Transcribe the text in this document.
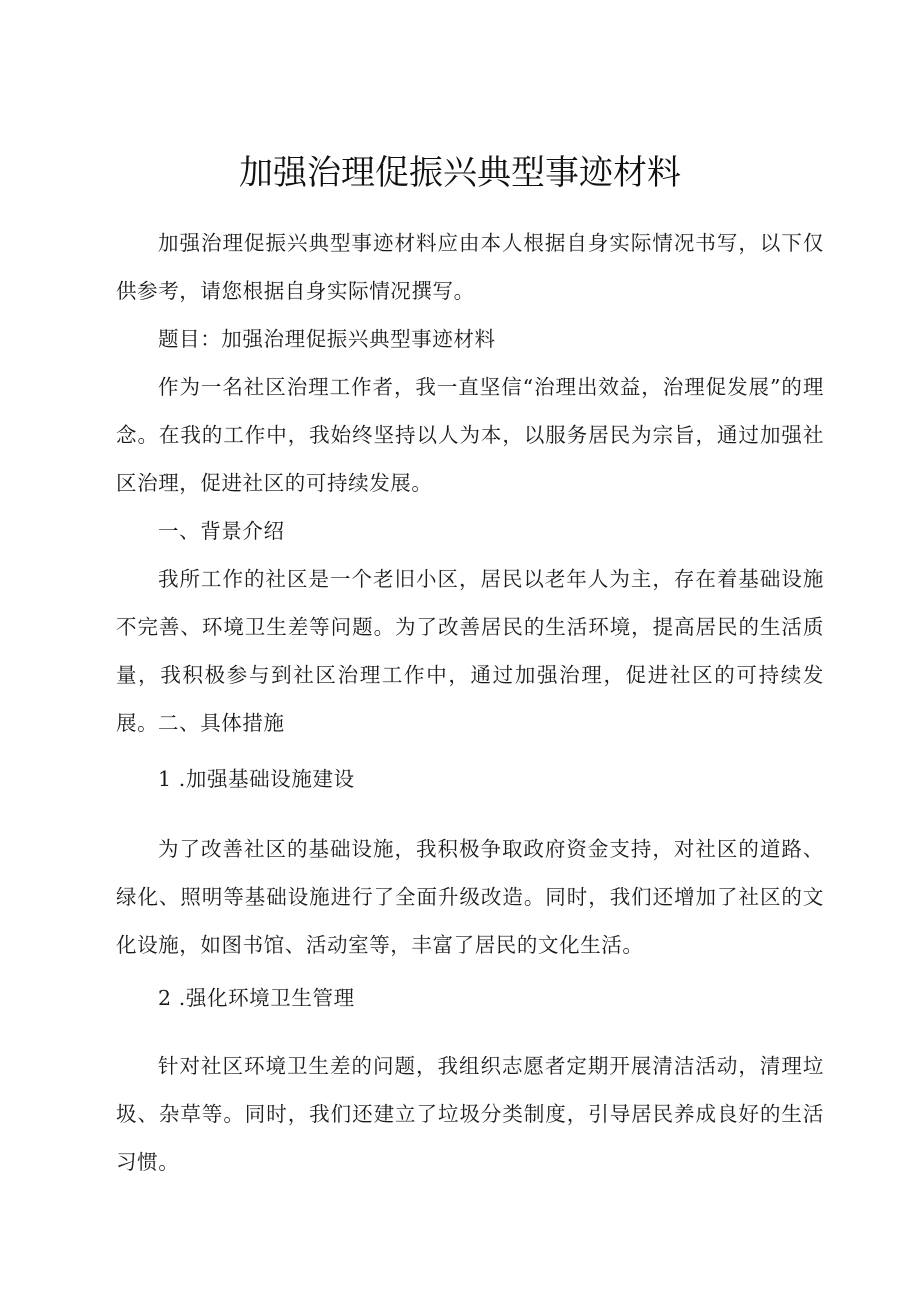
加强治理促振兴典型事迹材料

加强治理促振兴典型事迹材料应由本人根据自身实际情况书写，以下仅供参考，请您根据自身实际情况撰写。

题目：加强治理促振兴典型事迹材料

作为一名社区治理工作者，我一直坚信“治理出效益，治理促发展”的理念。在我的工作中，我始终坚持以人为本，以服务居民为宗旨，通过加强社区治理，促进社区的可持续发展。

一、背景介绍

我所工作的社区是一个老旧小区，居民以老年人为主，存在着基础设施不完善、环境卫生差等问题。为了改善居民的生活环境，提高居民的生活质量，我积极参与到社区治理工作中，通过加强治理，促进社区的可持续发展。 二、具体措施

1 .加强基础设施建设

为了改善社区的基础设施，我积极争取政府资金支持，对社区的道路、绿化、照明等基础设施进行了全面升级改造。同时，我们还增加了社区的文化设施，如图书馆、活动室等，丰富了居民的文化生活。

2 .强化环境卫生管理

针对社区环境卫生差的问题，我组织志愿者定期开展清洁活动，清理垃圾、杂草等。同时，我们还建立了垃圾分类制度，引导居民养成良好的生活习惯。
